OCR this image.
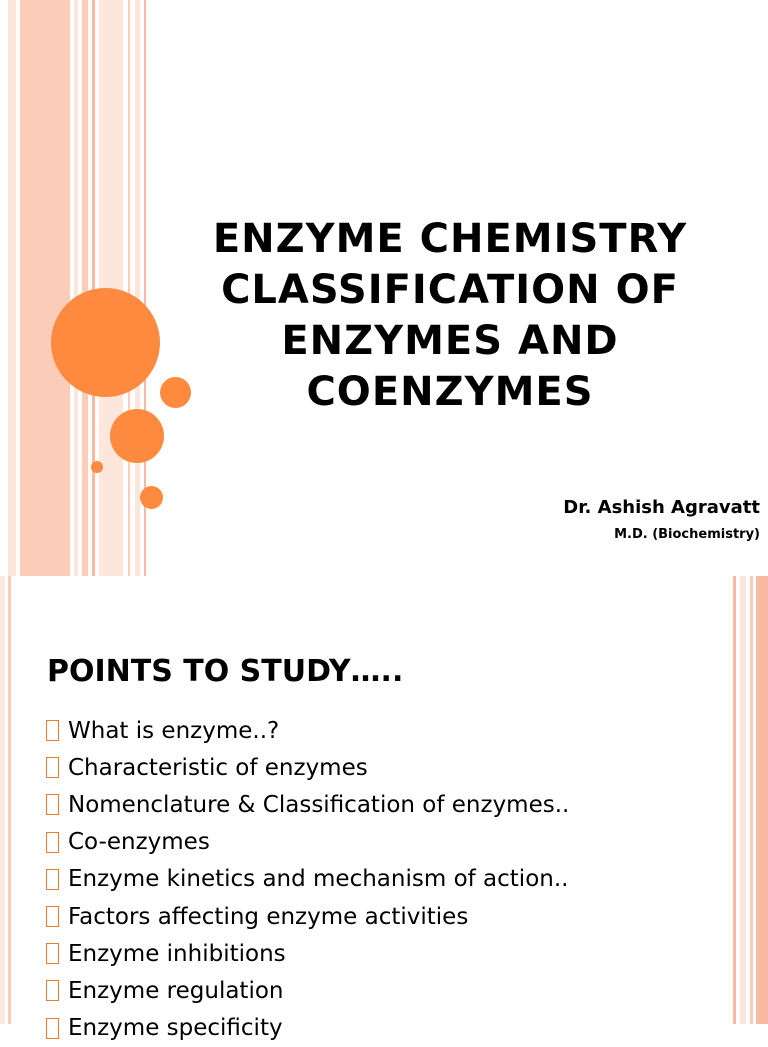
ENZYME CHEMISTRY
CLASSIFICATION OF
ENZYMES AND
COENZYMES

Dr. Ashish Agravatt

M.D. (Biochemistry)

POINTS TO STUDY…..
What is enzyme..?
Characteristic of enzymes
Nomenclature & Classification of enzymes..
Co-enzymes
Enzyme kinetics and mechanism of action..
Factors affecting enzyme activities
Enzyme inhibitions
Enzyme regulation
Enzyme specificity
